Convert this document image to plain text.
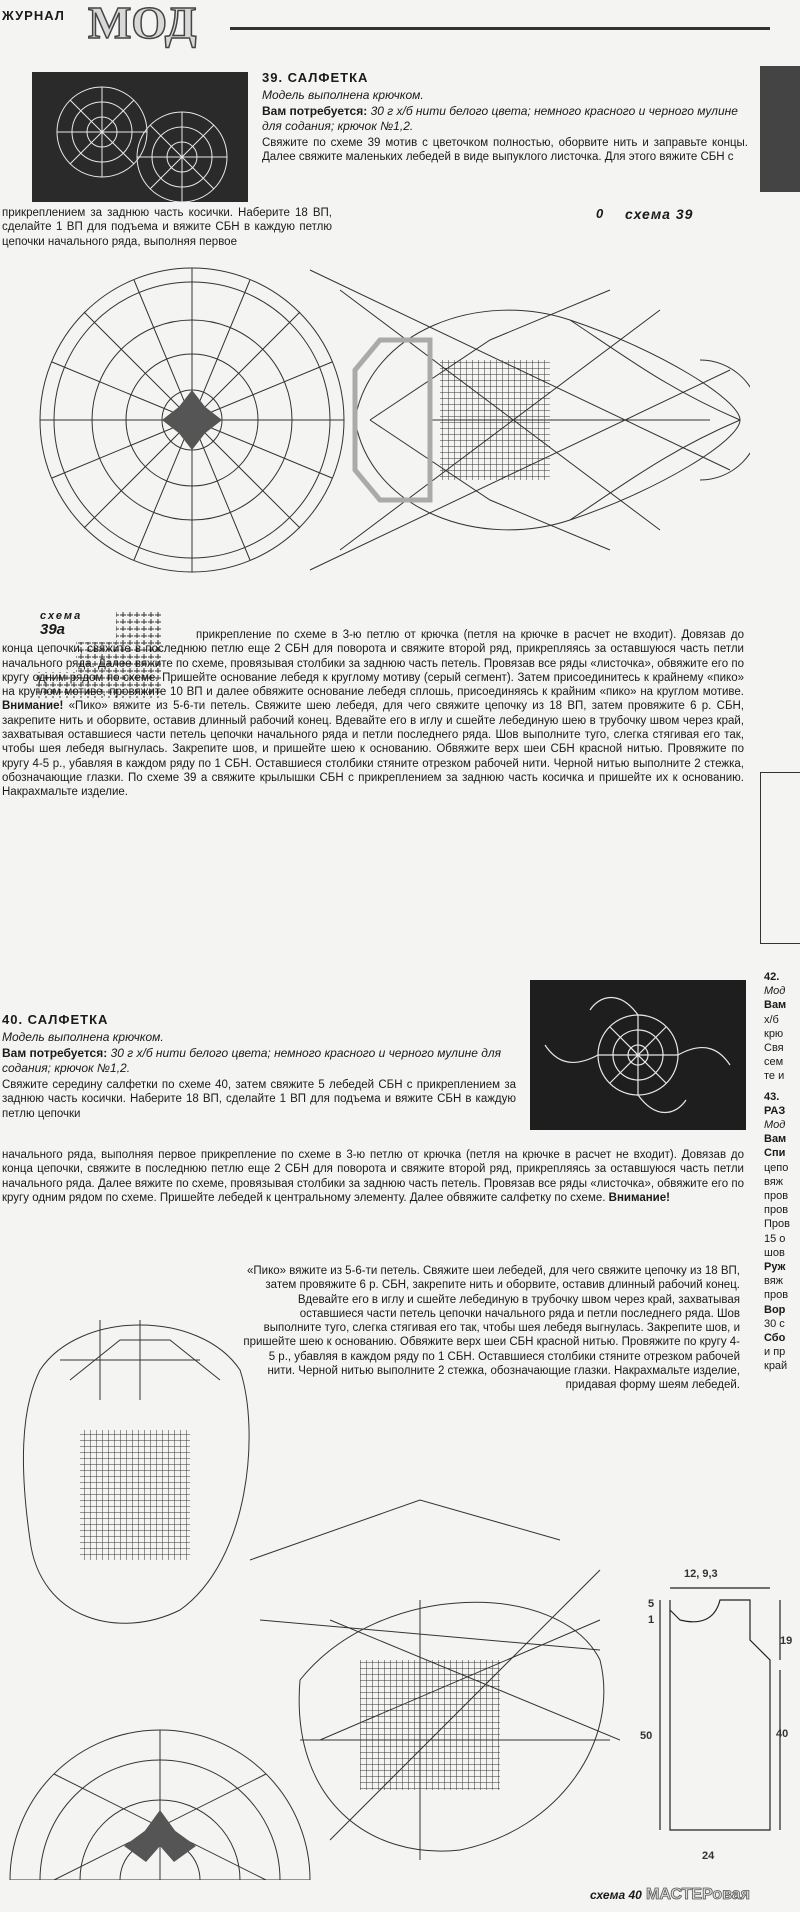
ЖУРНАЛ МОД
39. САЛФЕТКА
Модель выполнена крючком.
Вам потребуется: 30 г х/б нити белого цвета; немного красного и черного мулине для содания; крючок №1,2.
Свяжите по схеме 39 мотив с цветочком полностью, оборвите нить и заправьте концы. Далее свяжите маленьких лебедей в виде выпуклого листочка. Для этого вяжите СБН с
прикреплением за заднюю часть косички. Наберите 18 ВП, сделайте 1 ВП для подъема и вяжите СБН в каждую петлю цепочки начального ряда, выполняя первое
0 схема 39
схема
39а	прикрепление по схеме в 3-ю петлю от крючка (петля на крючке в расчет не входит). Довязав до конца цепочки, свяжите в последнюю петлю еще 2 СБН для поворота и свяжите второй ряд, прикрепляясь за оставшуюся часть петли начального ряда. Далее вяжите по схеме, провязывая столбики за заднюю часть петель. Провязав все ряды «листочка», обвяжите его по кругу одним рядом по схеме. Пришейте основание лебедя к круглому мотиву (серый сегмент). Затем присоединитесь к крайнему «пико» на круглом мотиве, провяжите 10 ВП и далее обвяжите основание лебедя сплошь, присоединяясь к крайним «пико» на круглом мотиве. Внимание! «Пико» вяжите из 5-6-ти петель. Свяжите шею лебедя, для чего свяжите цепочку из 18 ВП, затем провяжите 6 р. СБН, закрепите нить и оборвите, оставив длинный рабочий конец. Вдевайте его в иглу и сшейте лебединую шею в трубочку швом через край, захватывая оставшиеся части петель цепочки начального ряда и петли последнего ряда. Шов выполните туго, слегка стягивая его так, чтобы шея лебедя выгнулась. Закрепите шов, и пришейте шею к основанию. Обвяжите верх шеи СБН красной нитью. Провяжите по кругу 4-5 р., убавляя в каждом ряду по 1 СБН. Оставшиеся столбики стяните отрезком рабочей нити. Черной нитью выполните 2 стежка, обозначающие глазки. По схеме 39 а свяжите крылышки СБН с прикреплением за заднюю часть косичка и пришейте их к основанию. Накрахмальте изделие.
40. САЛФЕТКА
Модель выполнена крючком.
Вам потребуется: 30 г х/б нити белого цвета; немного красного и черного мулине для содания; крючок №1,2.
Свяжите середину салфетки по схеме 40, затем свяжите 5 лебедей СБН с прикреплением за заднюю часть косички. Наберите 18 ВП, сделайте 1 ВП для подъема и вяжите СБН в каждую петлю цепочки
начального ряда, выполняя первое прикрепление по схеме в 3-ю петлю от крючка (петля на крючке в расчет не входит). Довязав до конца цепочки, свяжите в последнюю петлю еще 2 СБН для поворота и свяжите второй ряд, прикрепляясь за оставшуюся часть петли начального ряда. Далее вяжите по схеме, провязывая столбики за заднюю часть петель. Провязав все ряды «листочка», обвяжите его по кругу одним рядом по схеме. Пришейте лебедей к центральному элементу. Далее обвяжите салфетку по схеме. Внимание!
«Пико» вяжите из 5-6-ти петель. Свяжите шеи лебедей, для чего свяжите цепочку из 18 ВП, затем провяжите 6 р. СБН, закрепите нить и оборвите, оставив длинный рабочий конец. Вдевайте его в иглу и сшейте лебединую в трубочку швом через край, захватывая оставшиеся части петель цепочки начального ряда и петли последнего ряда. Шов выполните туго, слегка стягивая его так, чтобы шея лебедя выгнулась. Закрепите шов, и пришейте шею к основанию. Обвяжите верх шеи СБН красной нитью. Провяжите по кругу 4-5 р., убавляя в каждом ряду по 1 СБН. Оставшиеся столбики стяните отрезком рабочей нити. Черной нитью выполните 2 стежка, обозначающие глазки. Накрахмальте изделие, придавая форму шеям лебедей.
12, 9,3
5
1
19
40
50
24
42.
Мод
Вам
х/б
крю
Свя
сем
те и
43.
РАЗ
Мод
Вам
Спи
цепо
вяж
пров
пров
Пров
15 о
шов
Руж
вяж
пров
Вор
30 с
Сбо
и пр
край
схема 40 МАСТЕРовая
